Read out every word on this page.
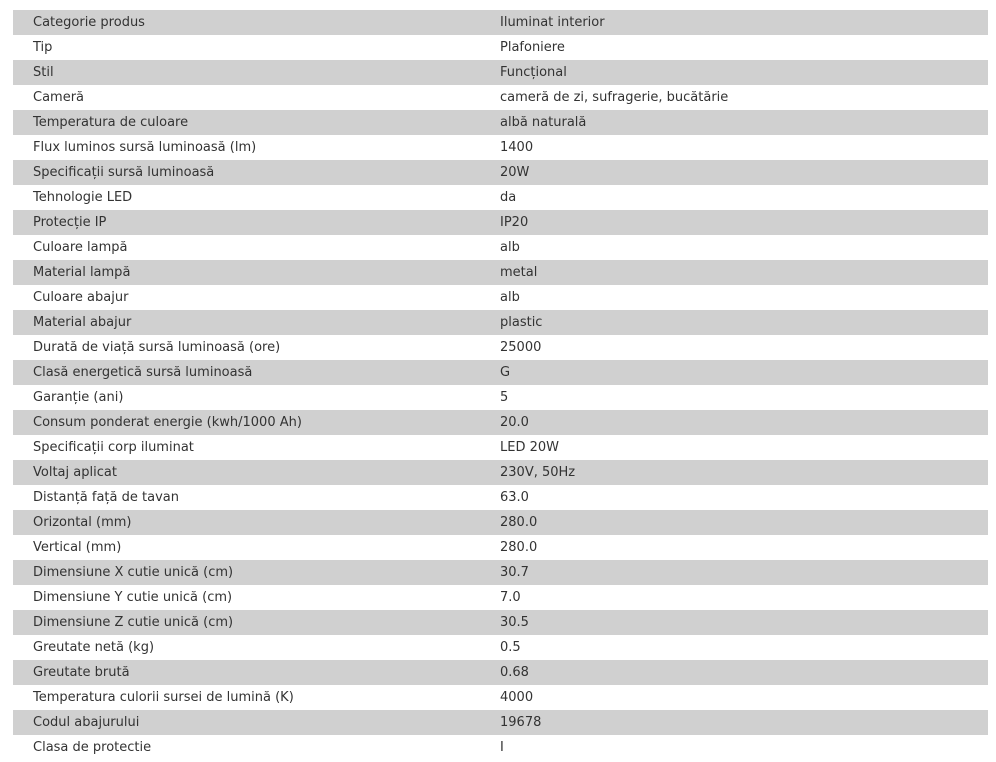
Categorie produs	Iluminat interior
Tip	Plafoniere
Stil	Funcțional
Cameră	cameră de zi, sufragerie, bucătărie
Temperatura de culoare	albă naturală
Flux luminos sursă luminoasă (lm)	1400
Specificații sursă luminoasă	20W
Tehnologie LED	da
Protecție IP	IP20
Culoare lampă	alb
Material lampă	metal
Culoare abajur	alb
Material abajur	plastic
Durată de viață sursă luminoasă (ore)	25000
Clasă energetică sursă luminoasă	G
Garanție (ani)	5
Consum ponderat energie (kwh/1000 Ah)	20.0
Specificații corp iluminat	LED 20W
Voltaj aplicat	230V, 50Hz
Distanță față de tavan	63.0
Orizontal (mm)	280.0
Vertical (mm)	280.0
Dimensiune X cutie unică (cm)	30.7
Dimensiune Y cutie unică (cm)	7.0
Dimensiune Z cutie unică (cm)	30.5
Greutate netă (kg)	0.5
Greutate brută	0.68
Temperatura culorii sursei de lumină (K)	4000
Codul abajurului	19678
Clasa de protectie	I
